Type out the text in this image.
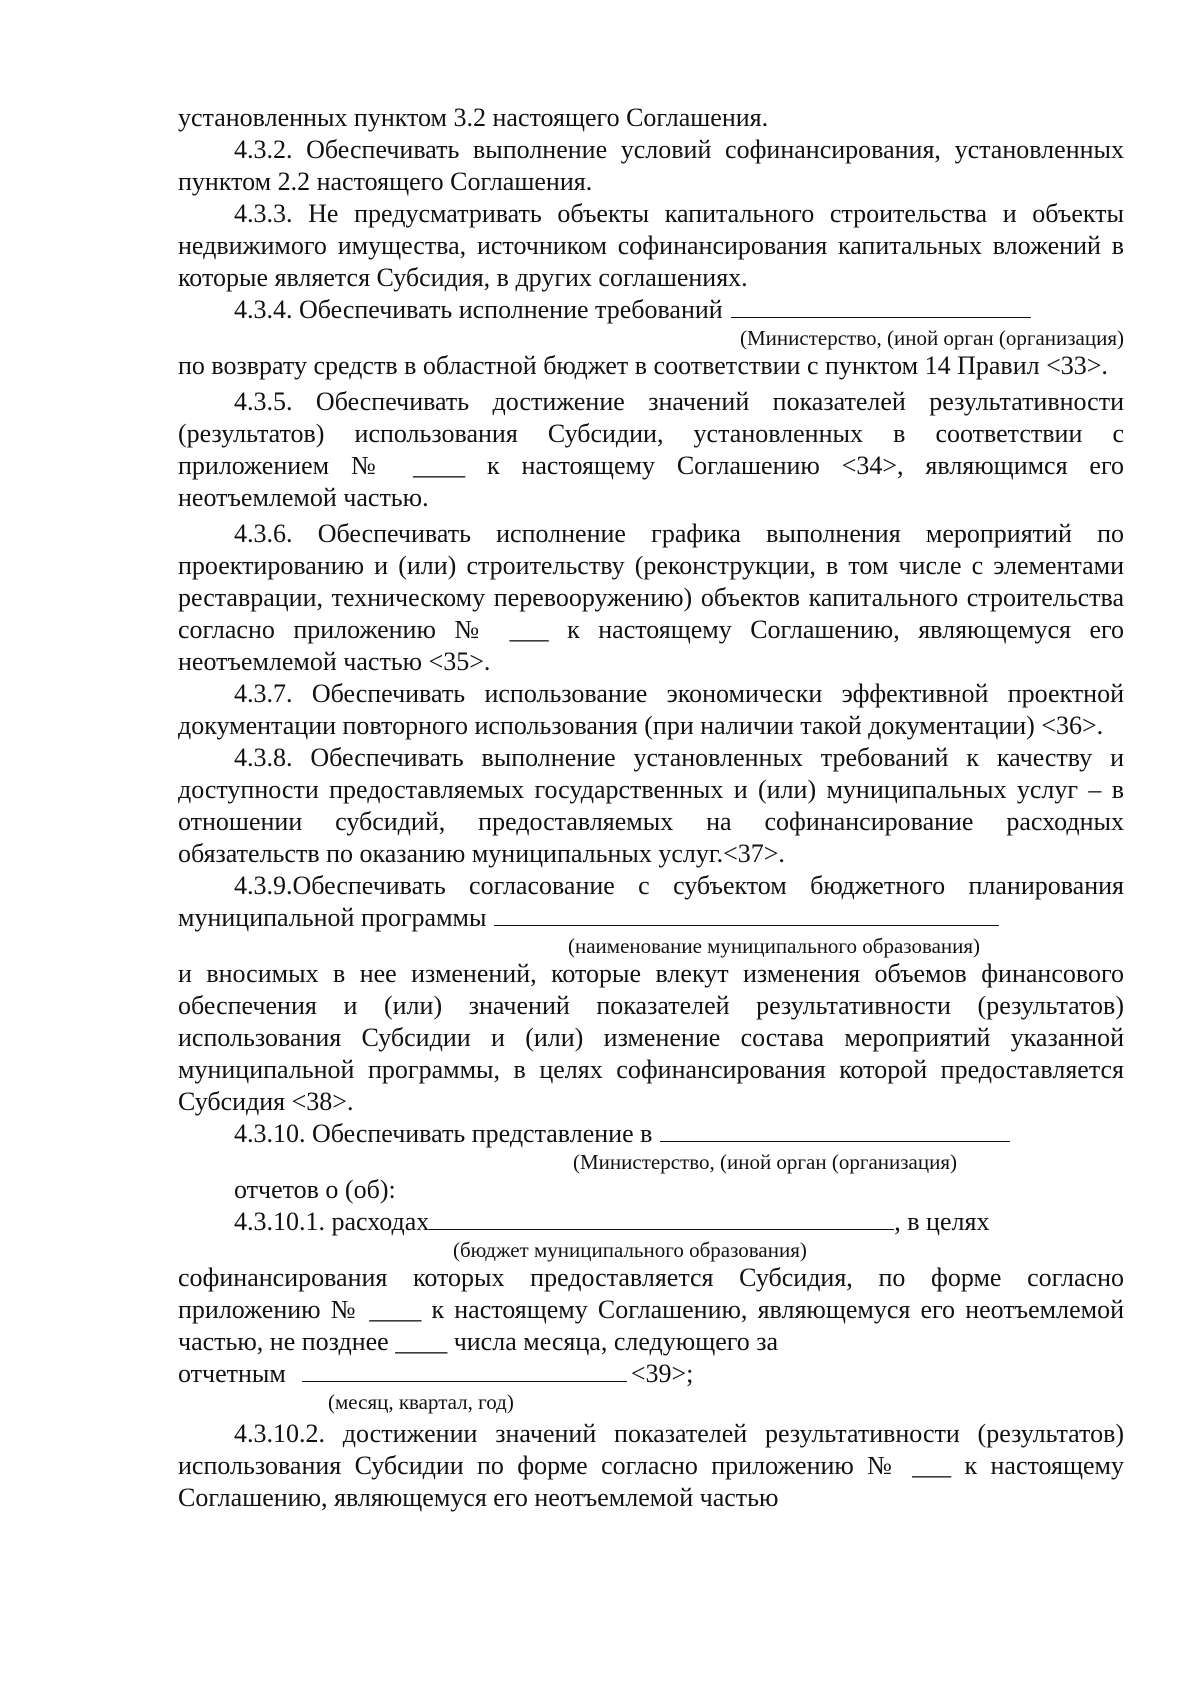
установленных пунктом 3.2 настоящего Соглашения.

4.3.2. Обеспечивать выполнение условий софинансирования, установленных пунктом 2.2 настоящего Соглашения.

4.3.3. Не предусматривать объекты капитального строительства и объекты недвижимого имущества, источником софинансирования капитальных вложений в которые является Субсидия, в других соглашениях.

4.3.4. Обеспечивать исполнение требований

(Министерство, (иной орган (организация)

по возврату средств в областной бюджет в соответствии с пунктом 14 Правил <33>.

4.3.5. Обеспечивать достижение значений показателей результативности (результатов) использования Субсидии, установленных в соответствии с приложением № ____ к настоящему Соглашению <34>, являющимся его неотъемлемой частью.

4.3.6. Обеспечивать исполнение графика выполнения мероприятий по проектированию и (или) строительству (реконструкции, в том числе с элементами реставрации, техническому перевооружению) объектов капитального строительства согласно приложению № ___ к настоящему Соглашению, являющемуся его неотъемлемой частью <35>.

4.3.7. Обеспечивать использование экономически эффективной проектной документации повторного использования (при наличии такой документации) <36>.

4.3.8. Обеспечивать выполнение установленных требований к качеству и доступности предоставляемых государственных и (или) муниципальных услуг – в отношении субсидий, предоставляемых на софинансирование расходных обязательств по оказанию муниципальных услуг.<37>.

4.3.9.Обеспечивать согласование с субъектом бюджетного планирования

муниципальной программы

(наименование муниципального образования)

и вносимых в нее изменений, которые влекут изменения объемов финансового обеспечения и (или) значений показателей результативности (результатов) использования Субсидии и (или) изменение состава мероприятий указанной муниципальной программы, в целях софинансирования которой предоставляется Субсидия <38>.

4.3.10. Обеспечивать представление в

(Министерство, (иной орган (организация)

отчетов о (об):

4.3.10.1. расходах	, в целях

(бюджет муниципального образования)

софинансирования которых предоставляется Субсидия, по форме согласно приложению № ____ к настоящему Соглашению, являющемуся его неотъемлемой частью, не позднее ____ числа месяца, следующего за

отчетным	<39>;

(месяц, квартал, год)

4.3.10.2. достижении значений показателей результативности (результатов) использования Субсидии по форме согласно приложению № ___ к настоящему Соглашению, являющемуся его неотъемлемой частью
